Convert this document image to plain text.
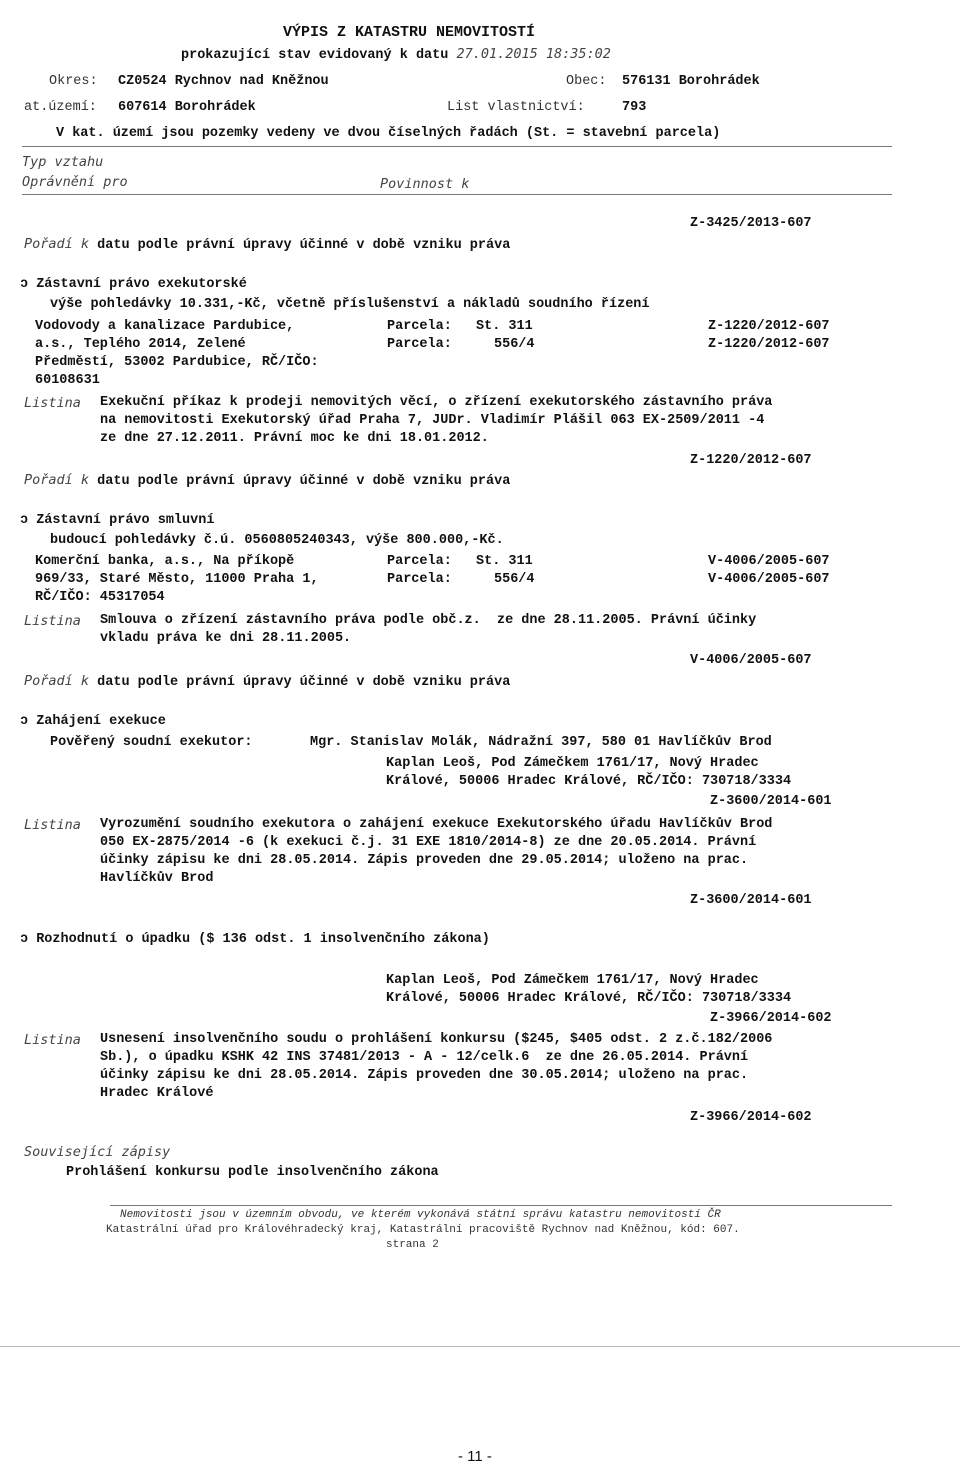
VÝPIS Z KATASTRU NEMOVITOSTÍ
prokazující stav evidovaný k datu 27.01.2015 18:35:02
Okres: CZ0524 Rychnov nad Kněžnou	Obec: 576131 Borohrádek
at.území: 607614 Borohrádek	List vlastnictví:	793
V kat. území jsou pozemky vedeny ve dvou číselných řadách (St. = stavební parcela)
Typ vztahu
Oprávnění pro	Povinnost k
Z-3425/2013-607
Pořadí k datu podle právní úpravy účinné v době vzniku práva
ͻ Zástavní právo exekutorské
výše pohledávky 10.331,-Kč, včetně příslušenství a nákladů soudního řízení
Vodovody a kanalizace Pardubice,
a.s., Teplého 2014, Zelené
Předměstí, 53002 Pardubice, RČ/IČO:
60108631
Parcela: St. 311	Z-1220/2012-607
Parcela:	556/4	Z-1220/2012-607
Listina Exekuční příkaz k prodeji nemovitých věcí, o zřízení exekutorského zástavního práva
na nemovitosti Exekutorský úřad Praha 7, JUDr. Vladimír Plášil 063 EX-2509/2011 -4
ze dne 27.12.2011. Právní moc ke dni 18.01.2012.
Z-1220/2012-607
Pořadí k datu podle právní úpravy účinné v době vzniku práva
ͻ Zástavní právo smluvní
budoucí pohledávky č.ú. 0560805240343, výše 800.000,-Kč.
Komerční banka, a.s., Na příkopě
969/33, Staré Město, 11000 Praha 1,
RČ/IČO: 45317054
Parcela: St. 311	V-4006/2005-607
Parcela:	556/4	V-4006/2005-607
Listina Smlouva o zřízení zástavního práva podle obč.z.  ze dne 28.11.2005. Právní účinky
vkladu práva ke dni 28.11.2005.
V-4006/2005-607
Pořadí k datu podle právní úpravy účinné v době vzniku práva
ͻ Zahájení exekuce
Pověřený soudní exekutor:	Mgr. Stanislav Molák, Nádražní 397, 580 01 Havlíčkův Brod
Kaplan Leoš, Pod Zámečkem 1761/17, Nový Hradec
Králové, 50006 Hradec Králové, RČ/IČO: 730718/3334
Z-3600/2014-601
Listina Vyrozumění soudního exekutora o zahájení exekuce Exekutorského úřadu Havlíčkův Brod
050 EX-2875/2014 -6 (k exekuci č.j. 31 EXE 1810/2014-8) ze dne 20.05.2014. Právní
účinky zápisu ke dni 28.05.2014. Zápis proveden dne 29.05.2014; uloženo na prac.
Havlíčkův Brod
Z-3600/2014-601
ͻ Rozhodnutí o úpadku ($ 136 odst. 1 insolvenčního zákona)
Kaplan Leoš, Pod Zámečkem 1761/17, Nový Hradec
Králové, 50006 Hradec Králové, RČ/IČO: 730718/3334
Z-3966/2014-602
Listina Usnesení insolvenčního soudu o prohlášení konkursu ($245, $405 odst. 2 z.č.182/2006
Sb.), o úpadku KSHK 42 INS 37481/2013 - A - 12/celk.6  ze dne 26.05.2014. Právní
účinky zápisu ke dni 28.05.2014. Zápis proveden dne 30.05.2014; uloženo na prac.
Hradec Králové
Z-3966/2014-602
Související zápisy
Prohlášení konkursu podle insolvenčního zákona
Nemovitosti jsou v územním obvodu, ve kterém vykonává státní správu katastru nemovitostí ČR
Katastrální úřad pro Královéhradecký kraj, Katastrální pracoviště Rychnov nad Kněžnou, kód: 607.
strana 2
- 11 -
